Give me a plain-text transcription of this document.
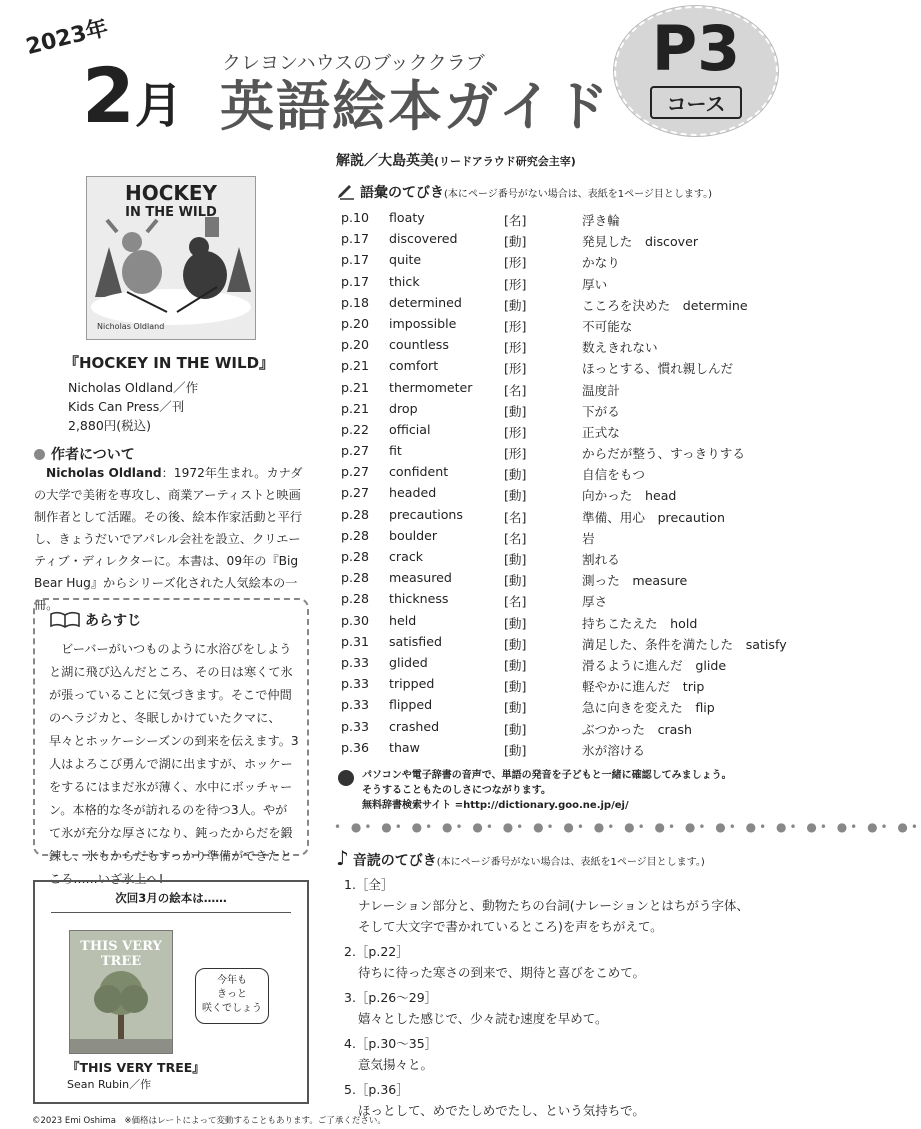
2023年
2月
クレヨンハウスのブッククラブ
英語絵本ガイド
P3
コース
解説／大島英美(リードアラウド研究会主宰)
HOCKEY
IN THE WILD
Nicholas Oldland
『HOCKEY IN THE WILD』
Nicholas Oldland／作
Kids Can Press／刊
2,880円(税込)
作者について
Nicholas Oldland：1972年生まれ。カナダの大学で美術を専攻し、商業アーティストと映画制作者として活躍。その後、絵本作家活動と平行し、きょうだいでアパレル会社を設立、クリエーティブ・ディレクターに。本書は、09年の『Big Bear Hug』からシリーズ化された人気絵本の一冊。
あらすじ
ビーバーがいつものように水浴びをしようと湖に飛び込んだところ、その日は寒くて氷が張っていることに気づきます。そこで仲間のヘラジカと、冬眠しかけていたクマに、早々とホッケーシーズンの到来を伝えます。3人はよろこび勇んで湖に出ますが、ホッケーをするにはまだ氷が薄く、水中にボッチャーン。本格的な冬が訪れるのを待つ3人。やがて氷が充分な厚さになり、鈍ったからだを鍛錬し、氷もからだもすっかり準備ができたところ……いざ氷上へ!
次回3月の絵本は……
THIS VERY TREE
今年も
きっと
咲くでしょう
『THIS VERY TREE』
Sean Rubin／作
語彙のてびき(本にページ番号がない場合は、表紙を1ページ目とします。)
p.10 floaty	[名]	浮き輪
p.17 discovered	[動]	発見した　discover
p.17 quite	[形]	かなり
p.17 thick	[形]	厚い
p.18 determined	[動]	こころを決めた　determine
p.20 impossible	[形]	不可能な
p.20 countless	[形]	数えきれない
p.21 comfort	[形]	ほっとする、慣れ親しんだ
p.21 thermometer	[名]	温度計
p.21 drop	[動]	下がる
p.22 official	[形]	正式な
p.27 fit	[形]	からだが整う、すっきりする
p.27 confident	[動]	自信をもつ
p.27 headed	[動]	向かった　head
p.28 precautions	[名]	準備、用心　precaution
p.28 boulder	[名]	岩
p.28 crack	[動]	割れる
p.28 measured	[動]	測った　measure
p.28 thickness	[名]	厚さ
p.30 held	[動]	持ちこたえた　hold
p.31 satisfied	[動]	満足した、条件を満たした　satisfy
p.33 glided	[動]	滑るように進んだ　glide
p.33 tripped	[動]	軽やかに進んだ　trip
p.33 flipped	[動]	急に向きを変えた　flip
p.33 crashed	[動]	ぶつかった　crash
p.36 thaw	[動]	氷が溶ける
パソコンや電子辞書の音声で、単語の発音を子どもと一緒に確認してみましょう。
そうすることもたのしさにつながります。
無料辞書検索サイト =http://dictionary.goo.ne.jp/ej/
• ●• ●• ●• ●• ●• ●• ●• ●• ●• ●• ●• ●• ●• ●• ●• ●• ●• ●• ●•
♪ 音読のてびき(本にページ番号がない場合は、表紙を1ページ目とします。)
1.［全］
ナレーション部分と、動物たちの台詞(ナレーションとはちがう字体、
そして大文字で書かれているところ)を声をちがえて。
2.［p.22］
待ちに待った寒さの到来で、期待と喜びをこめて。
3.［p.26〜29］
嬉々とした感じで、少々読む速度を早めて。
4.［p.30〜35］
意気揚々と。
5.［p.36］
ほっとして、めでたしめでたし、という気持ちで。
©2023 Emi Oshima　※価格はレートによって変動することもあります。ご了承ください。
